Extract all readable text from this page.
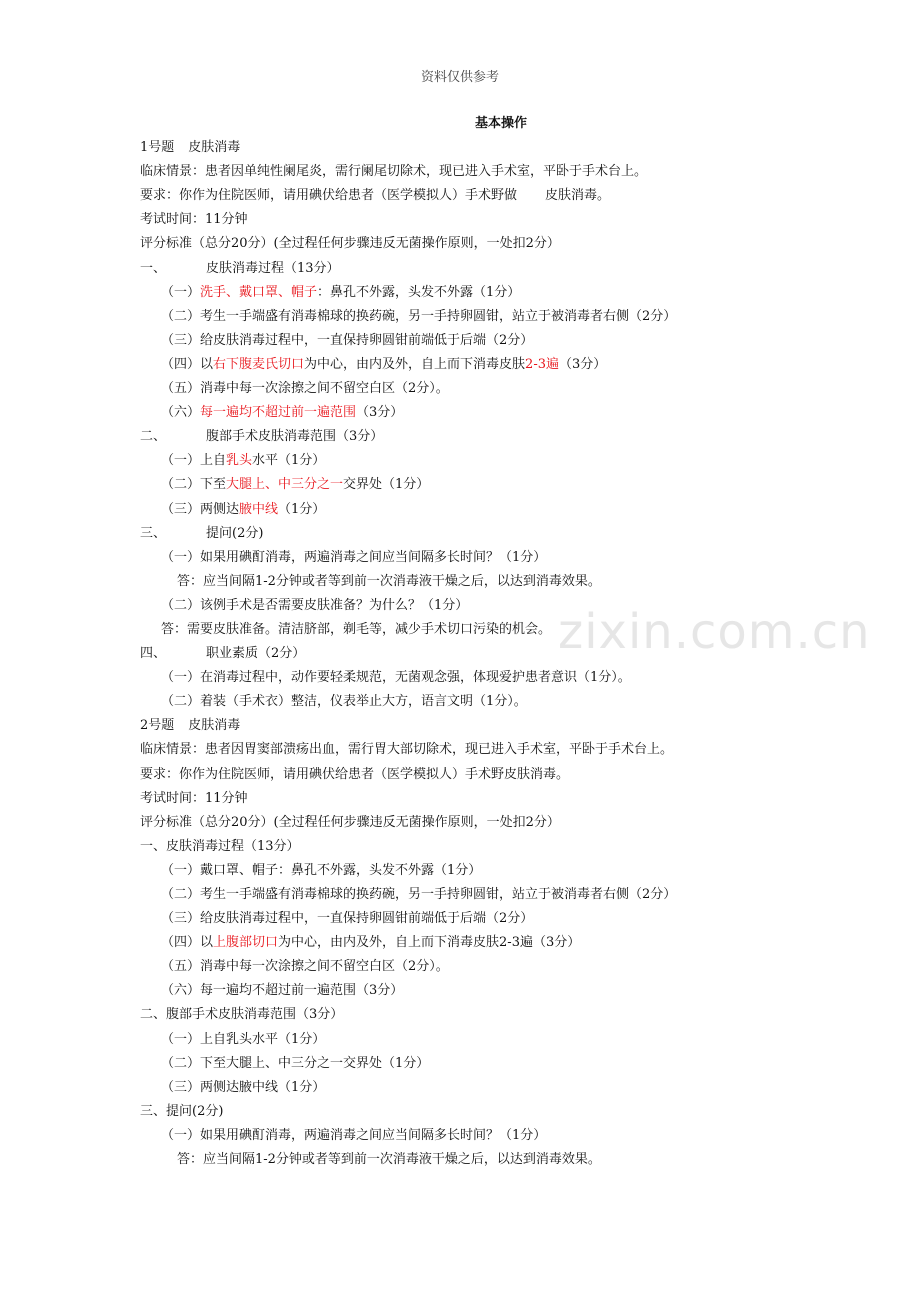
资料仅供参考
zixin.com.cn
基本操作
1号题 皮肤消毒
临床情景：患者因单纯性阑尾炎，需行阑尾切除术，现已进入手术室，平卧于手术台上。
要求：你作为住院医师，请用碘伏给患者（医学模拟人）手术野做 皮肤消毒。
考试时间：11分钟
评分标准（总分20分）(全过程任何步骤违反无菌操作原则，一处扣2分）
一、	皮肤消毒过程（13分）
（一）洗手、戴口罩、帽子：鼻孔不外露，头发不外露（1分）
（二）考生一手端盛有消毒棉球的换药碗，另一手持卵圆钳，站立于被消毒者右侧（2分）
（三）给皮肤消毒过程中，一直保持卵圆钳前端低于后端（2分）
（四）以右下腹麦氏切口为中心，由内及外，自上而下消毒皮肤2-3遍（3分）
（五）消毒中每一次涂擦之间不留空白区（2分）。
（六）每一遍均不超过前一遍范围（3分）
二、	腹部手术皮肤消毒范围（3分）
（一）上自乳头水平（1分）
（二）下至大腿上、中三分之一交界处（1分）
（三）两侧达腋中线（1分）
三、	提问(2分)
（一）如果用碘酊消毒，两遍消毒之间应当间隔多长时间？（1分）
答：应当间隔1-2分钟或者等到前一次消毒液干燥之后，以达到消毒效果。
（二）该例手术是否需要皮肤准备？为什么？（1分）
答：需要皮肤准备。清洁脐部，剃毛等，减少手术切口污染的机会。
四、	职业素质（2分）
（一）在消毒过程中，动作要轻柔规范，无菌观念强，体现爱护患者意识（1分）。
（二）着装（手术衣）整洁，仪表举止大方，语言文明（1分）。
2号题 皮肤消毒
临床情景：患者因胃窦部溃疡出血，需行胃大部切除术，现已进入手术室，平卧于手术台上。
要求：你作为住院医师，请用碘伏给患者（医学模拟人）手术野皮肤消毒。
考试时间：11分钟
评分标准（总分20分）(全过程任何步骤违反无菌操作原则，一处扣2分）
一、皮肤消毒过程（13分）
（一）戴口罩、帽子：鼻孔不外露，头发不外露（1分）
（二）考生一手端盛有消毒棉球的换药碗，另一手持卵圆钳，站立于被消毒者右侧（2分）
（三）给皮肤消毒过程中，一直保持卵圆钳前端低于后端（2分）
（四）以上腹部切口为中心，由内及外，自上而下消毒皮肤2-3遍（3分）
（五）消毒中每一次涂擦之间不留空白区（2分）。
（六）每一遍均不超过前一遍范围（3分）
二、腹部手术皮肤消毒范围（3分）
（一）上自乳头水平（1分）
（二）下至大腿上、中三分之一交界处（1分）
（三）两侧达腋中线（1分）
三、提问(2分)
（一）如果用碘酊消毒，两遍消毒之间应当间隔多长时间？（1分）
答：应当间隔1-2分钟或者等到前一次消毒液干燥之后，以达到消毒效果。
